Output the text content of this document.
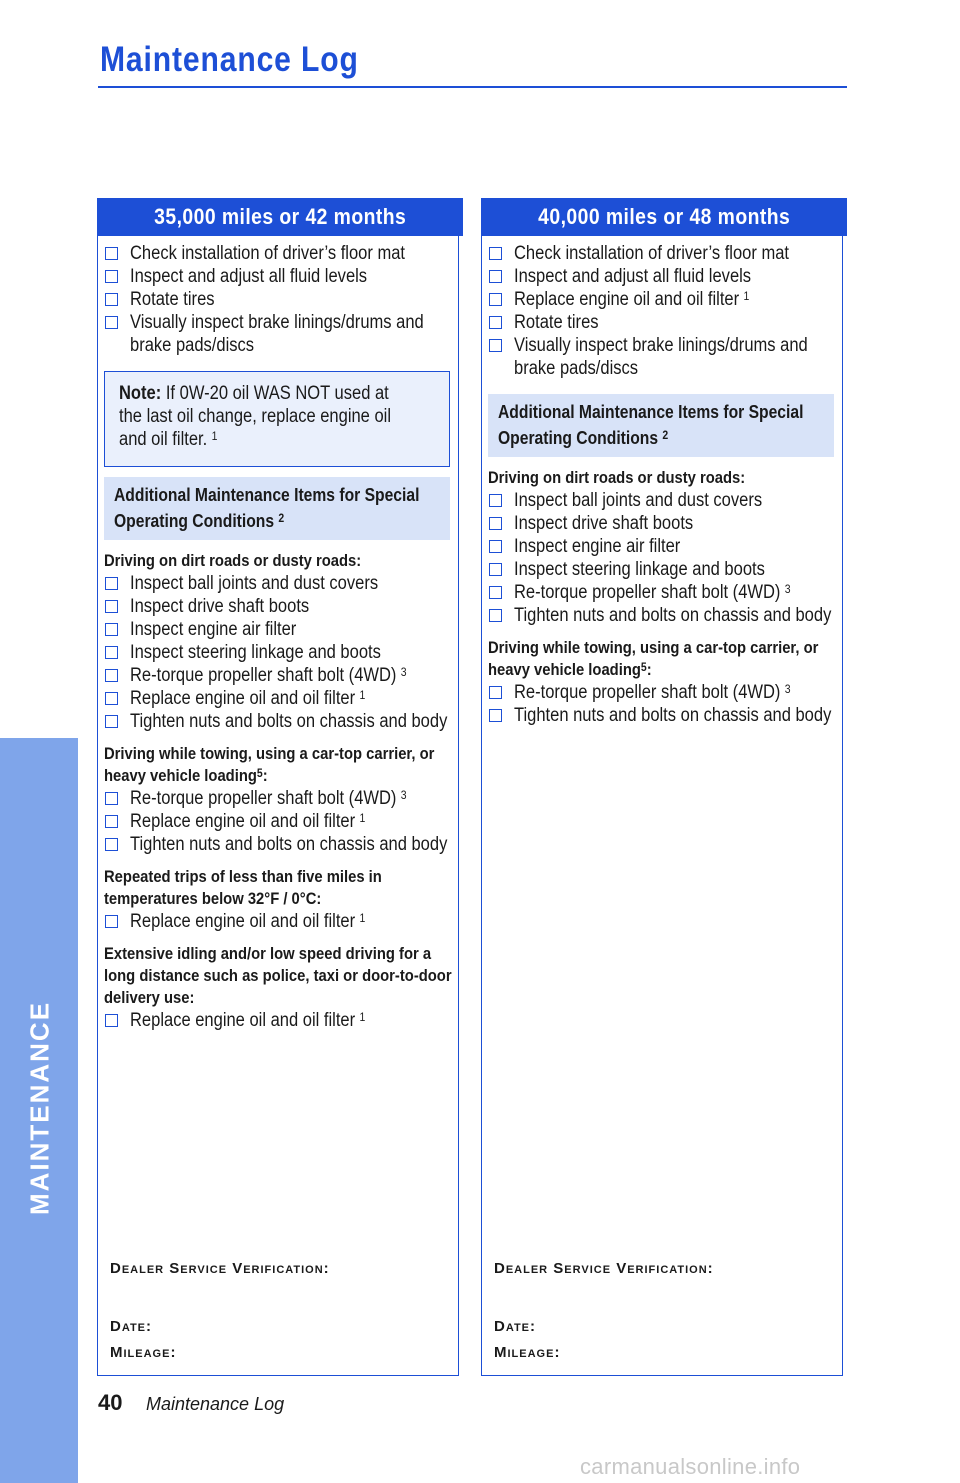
Maintenance Log
MAINTENANCE
35,000 miles or 42 months
Check installation of driver’s floor mat
Inspect and adjust all fluid levels
Rotate tires
Visually inspect brake linings/drums and brake pads/discs
Note: If 0W-20 oil WAS NOT used at the last oil change, replace engine oil and oil filter. $^1$
Additional Maintenance Items for Special Operating Conditions $^2$
Driving on dirt roads or dusty roads:
Inspect ball joints and dust covers
Inspect drive shaft boots
Inspect engine air filter
Inspect steering linkage and boots
Re-torque propeller shaft bolt (4WD) $^3$
Replace engine oil and oil filter $^1$
Tighten nuts and bolts on chassis and body
Driving while towing, using a car-top carrier, or heavy vehicle loading$^5$:
Re-torque propeller shaft bolt (4WD) $^3$
Replace engine oil and oil filter $^1$
Tighten nuts and bolts on chassis and body
Repeated trips of less than five miles in temperatures below 32°F / 0°C:
Replace engine oil and oil filter $^1$
Extensive idling and/or low speed driving for a long distance such as police, taxi or door-to-door delivery use:
Replace engine oil and oil filter $^1$
Dealer Service Verification:
Date:
Mileage:
40,000 miles or 48 months
Check installation of driver’s floor mat
Inspect and adjust all fluid levels
Replace engine oil and oil filter $^1$
Rotate tires
Visually inspect brake linings/drums and brake pads/discs
Additional Maintenance Items for Special Operating Conditions $^2$
Driving on dirt roads or dusty roads:
Inspect ball joints and dust covers
Inspect drive shaft boots
Inspect engine air filter
Inspect steering linkage and boots
Re-torque propeller shaft bolt (4WD) $^3$
Tighten nuts and bolts on chassis and body
Driving while towing, using a car-top carrier, or heavy vehicle loading$^5$:
Re-torque propeller shaft bolt (4WD) $^3$
Tighten nuts and bolts on chassis and body
Dealer Service Verification:
Date:
Mileage:
40 Maintenance Log
carmanualsonline.info
